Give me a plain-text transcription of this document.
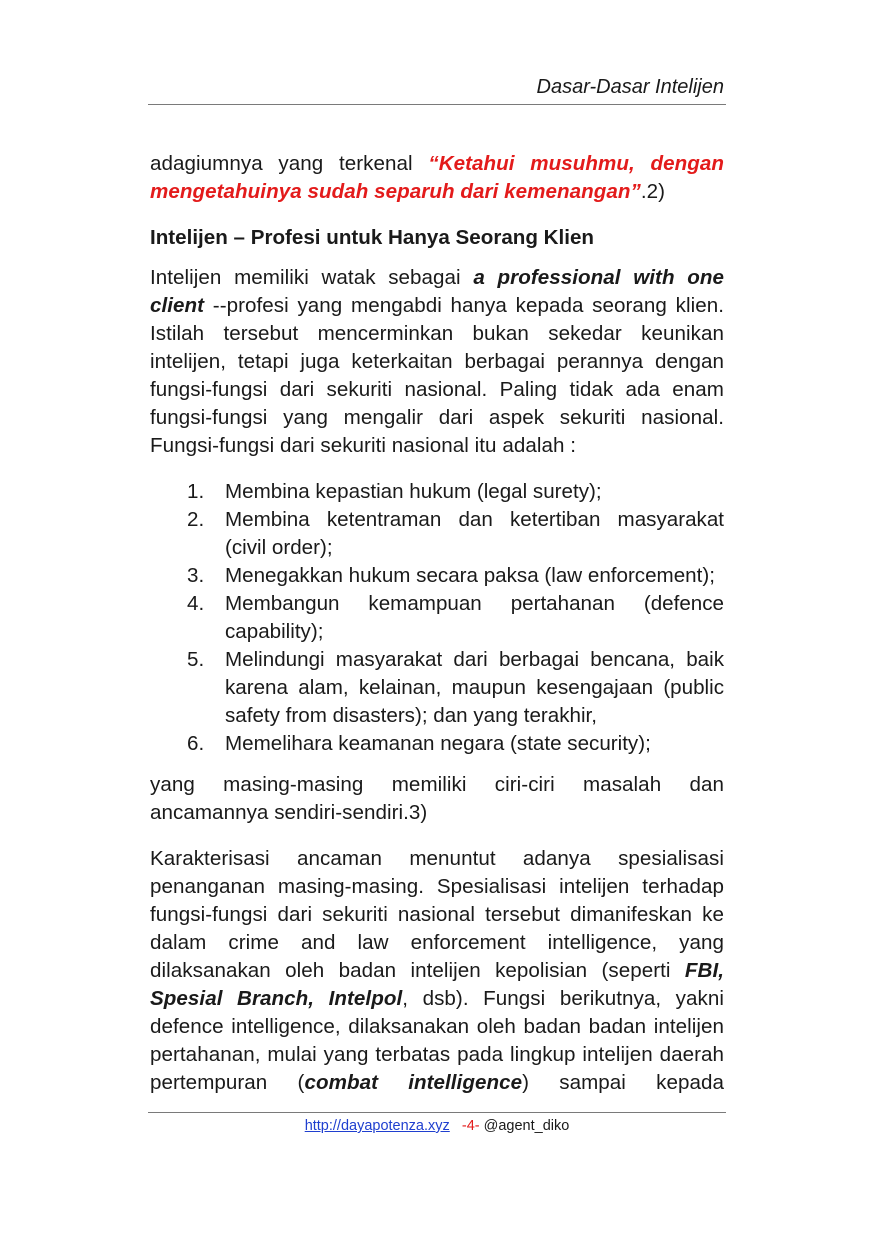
Dasar-Dasar Intelijen

adagiumnya yang terkenal “Ketahui musuhmu, dengan mengetahuinya sudah separuh dari kemenangan”.2)

Intelijen – Profesi untuk Hanya Seorang Klien

Intelijen memiliki watak sebagai a professional with one client --profesi yang mengabdi hanya kepada seorang klien. Istilah tersebut mencerminkan bukan sekedar keunikan intelijen, tetapi juga keterkaitan berbagai perannya dengan fungsi-fungsi dari sekuriti nasional. Paling tidak ada enam fungsi-fungsi yang mengalir dari aspek sekuriti nasional. Fungsi-fungsi dari sekuriti nasional itu adalah :

1. Membina kepastian hukum (legal surety);
2. Membina ketentraman dan ketertiban masyarakat (civil order);
3. Menegakkan hukum secara paksa (law enforcement);
4. Membangun kemampuan pertahanan (defence capability);
5. Melindungi masyarakat dari berbagai bencana, baik karena alam, kelainan, maupun kesengajaan (public safety from disasters); dan yang terakhir,
6. Memelihara keamanan negara (state security);

yang masing-masing memiliki ciri-ciri masalah dan ancamannya sendiri-sendiri.3)

Karakterisasi ancaman menuntut adanya spesialisasi penanganan masing-masing. Spesialisasi intelijen terhadap fungsi-fungsi dari sekuriti nasional tersebut dimanifeskan ke dalam crime and law enforcement intelligence, yang dilaksanakan oleh badan intelijen kepolisian (seperti FBI, Spesial Branch, Intelpol, dsb). Fungsi berikutnya, yakni defence intelligence, dilaksanakan oleh badan badan intelijen pertahanan, mulai yang terbatas pada lingkup intelijen daerah pertempuran (combat intelligence) sampai kepada

http://dayapotenza.xyz -4- @agent_diko
